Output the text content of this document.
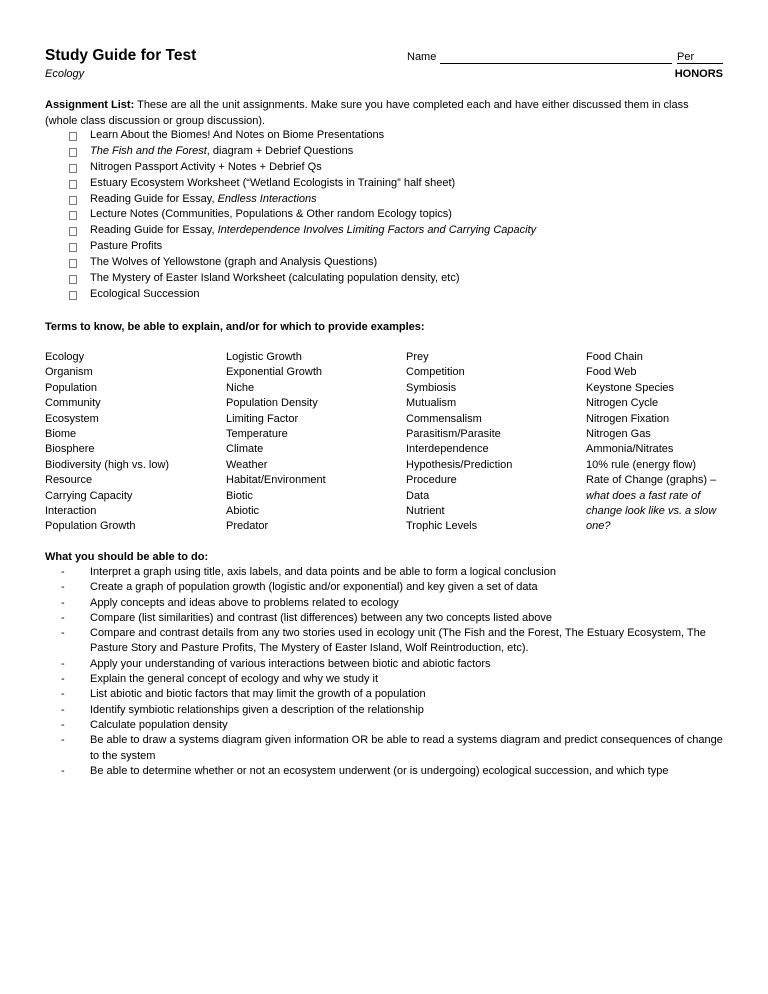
Study Guide for Test
Ecology
Name	Per
HONORS
Assignment List: These are all the unit assignments. Make sure you have completed each and have either discussed them in class (whole class discussion or group discussion).
Learn About the Biomes! And Notes on Biome Presentations
The Fish and the Forest, diagram + Debrief Questions
Nitrogen Passport Activity + Notes + Debrief Qs
Estuary Ecosystem Worksheet (“Wetland Ecologists in Training” half sheet)
Reading Guide for Essay, Endless Interactions
Lecture Notes (Communities, Populations & Other random Ecology topics)
Reading Guide for Essay, Interdependence Involves Limiting Factors and Carrying Capacity
Pasture Profits
The Wolves of Yellowstone (graph and Analysis Questions)
The Mystery of Easter Island Worksheet (calculating population density, etc)
Ecological Succession
Terms to know, be able to explain, and/or for which to provide examples:
Ecology
Organism
Population
Community
Ecosystem
Biome
Biosphere
Biodiversity (high vs. low)
Resource
Carrying Capacity
Interaction
Population Growth
Logistic Growth
Exponential Growth
Niche
Population Density
Limiting Factor
Temperature
Climate
Weather
Habitat/Environment
Biotic
Abiotic
Predator
Prey
Competition
Symbiosis
Mutualism
Commensalism
Parasitism/Parasite
Interdependence
Hypothesis/Prediction
Procedure
Data
Nutrient
Trophic Levels
Food Chain
Food Web
Keystone Species
Nitrogen Cycle
Nitrogen Fixation
Nitrogen Gas
Ammonia/Nitrates
10% rule (energy flow)
Rate of Change (graphs) –
what does a fast rate of change look like vs. a slow one?
What you should be able to do:
- Interpret a graph using title, axis labels, and data points and be able to form a logical conclusion
- Create a graph of population growth (logistic and/or exponential) and key given a set of data
- Apply concepts and ideas above to problems related to ecology
- Compare (list similarities) and contrast (list differences) between any two concepts listed above
- Compare and contrast details from any two stories used in ecology unit (The Fish and the Forest, The Estuary Ecosystem, The Pasture Story and Pasture Profits, The Mystery of Easter Island, Wolf Reintroduction, etc).
- Apply your understanding of various interactions between biotic and abiotic factors
- Explain the general concept of ecology and why we study it
- List abiotic and biotic factors that may limit the growth of a population
- Identify symbiotic relationships given a description of the relationship
- Calculate population density
- Be able to draw a systems diagram given information OR be able to read a systems diagram and predict consequences of change to the system
- Be able to determine whether or not an ecosystem underwent (or is undergoing) ecological succession, and which type
